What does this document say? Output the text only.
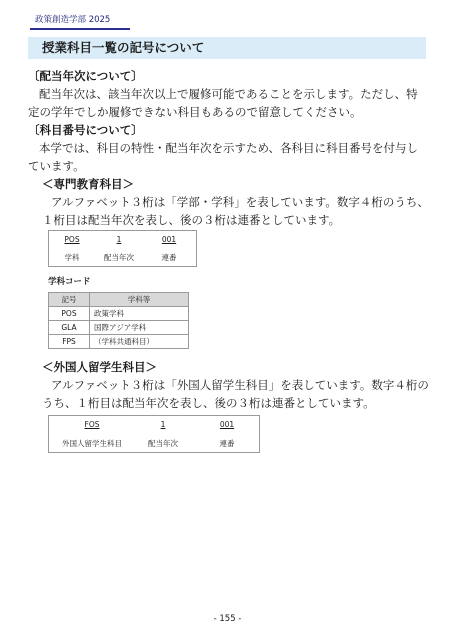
政策創造学部 2025
授業科目一覧の記号について
〔配当年次について〕
配当年次は、該当年次以上で履修可能であることを示します。ただし、特
定の学年でしか履修できない科目もあるので留意してください。
〔科目番号について〕
本学では、科目の特性・配当年次を示すため、各科目に科目番号を付与し
ています。
＜専門教育科目＞
アルファベット３桁は「学部・学科」を表しています。数字４桁のうち、
１桁目は配当年次を表し、後の３桁は連番としています。
POS	1	001
学科	配当年次	連番
学科コード
記号	学科等
POS	政策学科
GLA	国際アジア学科
FPS	（学科共通科目）
＜外国人留学生科目＞
アルファベット３桁は「外国人留学生科目」を表しています。数字４桁の
うち、１桁目は配当年次を表し、後の３桁は連番としています。
FOS	1	001
外国人留学生科目	配当年次	連番
- 155 -
